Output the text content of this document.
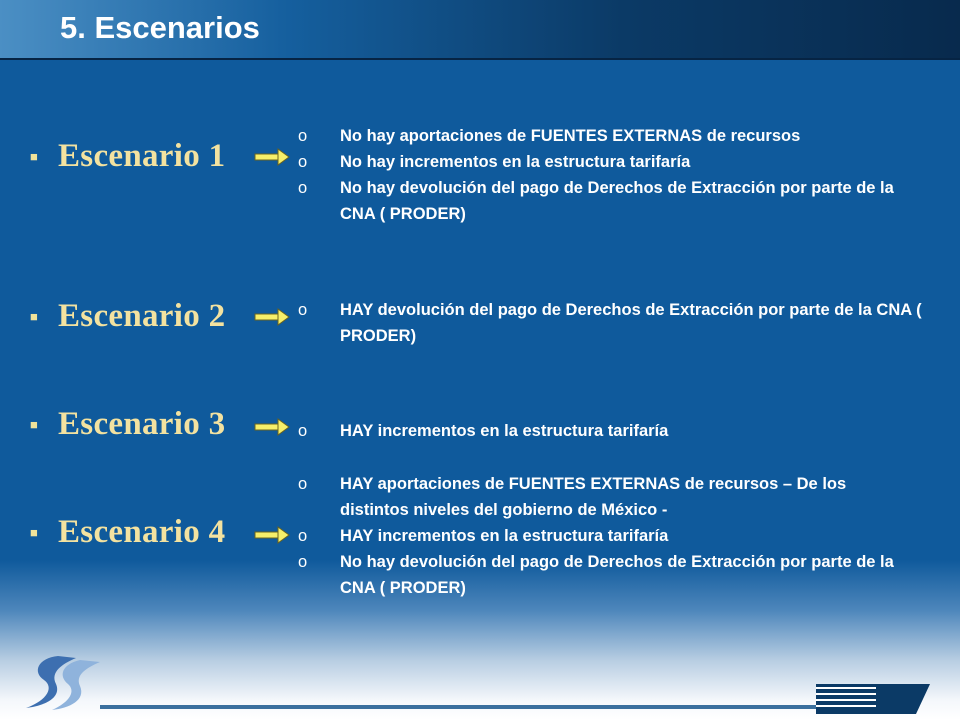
5. Escenarios
■ Escenario 1
o	No hay aportaciones de FUENTES EXTERNAS de recursos
o	No hay incrementos en la estructura tarifaría
o	No hay devolución del pago de Derechos de Extracción por parte de la CNA ( PRODER)
■ Escenario 2	o	HAY devolución del pago de Derechos de Extracción por parte de la CNA ( PRODER)
■ Escenario 3	o	HAY incrementos en la estructura tarifaría
■ Escenario 4
o	HAY aportaciones de FUENTES EXTERNAS de recursos – De los distintos niveles del gobierno de México -
o	HAY incrementos en la estructura tarifaría
o	No hay devolución del pago de Derechos de Extracción por parte de la CNA ( PRODER)
